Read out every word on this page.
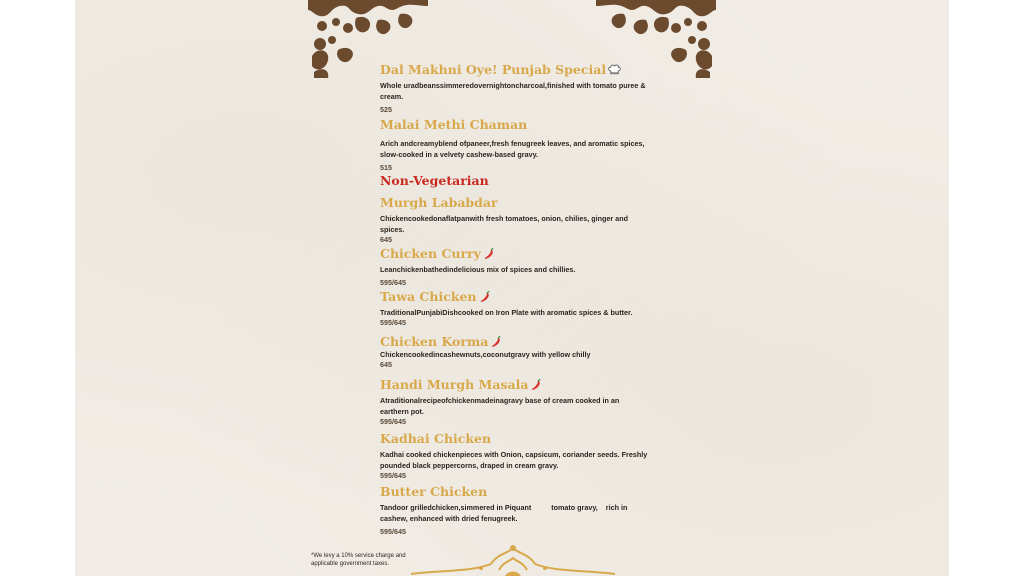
Dal Makhni Oye! Punjab Special
Whole uradbeanssimmeredovernightoncharcoal,finished with tomato puree & cream.
525
Malai Methi Chaman
Arich andcreamyblend ofpaneer,fresh fenugreek leaves, and aromatic spices, slow-cooked in a velvety cashew-based gravy.
515
Non-Vegetarian
Murgh Lababdar
Chickencookedonaflatpanwith fresh tomatoes, onion, chilies, ginger and spices.
645
Chicken Curry
Leanchickenbathedindelicious mix of spices and chillies.
595/645
Tawa Chicken
TraditionalPunjabiDishcooked on Iron Plate with aromatic spices & butter.
595/645
Chicken Korma
Chickencookedincashewnuts,coconutgravy with yellow chilly
645
Handi Murgh Masala
Atraditionalrecipeofchickenmadeinagravy base of cream cooked in an earthern pot.
595/645
Kadhai Chicken
Kadhai cooked chickenpieces with Onion, capsicum, coriander seeds. Freshly pounded black peppercorns, draped in cream gravy.
595/645
Butter Chicken
Tandoor grilledchicken,simmered in Piquant          tomato gravy,    rich in cashew, enhanced with dried fenugreek.
595/645
*We levy a 10% service charge and applicable government taxes.
